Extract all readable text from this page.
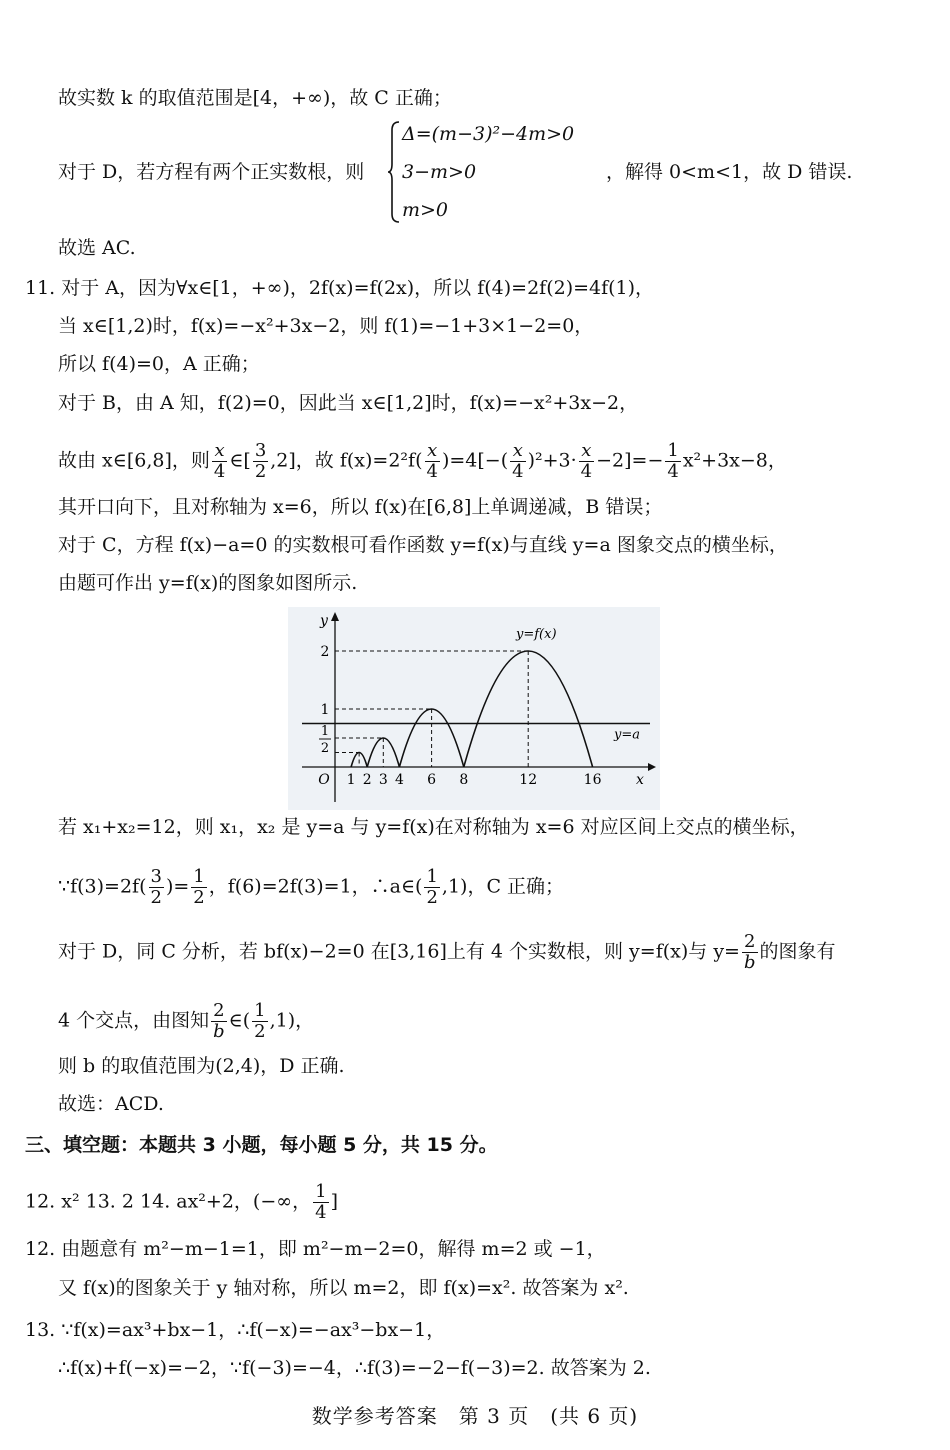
故实数 k 的取值范围是[4，+∞)，故 C 正确；
对于 D，若方程有两个正实数根，则
Δ=(m−3)²−4m>0
3−m>0
m>0
，解得 0<m<1，故 D 错误.
故选 AC.
11. 对于 A，因为∀x∈[1，+∞)，2f(x)=f(2x)，所以 f(4)=2f(2)=4f(1)，
当 x∈[1,2)时，f(x)=−x²+3x−2，则 f(1)=−1+3×1−2=0，
所以 f(4)=0，A 正确；
对于 B，由 A 知，f(2)=0，因此当 x∈[1,2]时，f(x)=−x²+3x−2，
故由 x∈[6,8]，则 $\frac{x}{4}$ ∈[ $\frac{3}{2} ,2$]，故 $f(x)=2^2f( \frac{x}{4} )=4[-( \frac{x}{4} )^2+3\cdot \frac{x}{4} -2]=- \frac{1}{4} x^2+3x-8$，
其开口向下，且对称轴为 x=6，所以 f(x)在[6,8]上单调递减，B 错误；
对于 C，方程 f(x)−a=0 的实数根可看作函数 y=f(x)与直线 y=a 图象交点的横坐标，
由题可作出 y=f(x)的图象如图所示.
1 2 3 4 6 8	12	16
1
1
2
2
O	x
y
y=f(x)
y=a
若 x₁+x₂=12，则 x₁，x₂ 是 y=a 与 y=f(x)在对称轴为 x=6 对应区间上交点的横坐标，
∵f(3)=2f( $\frac{3}{2}$ )= $\frac{1}{2}$ ，f(6)=2f(3)=1，∴a∈( $\frac{1}{2} ,1$)，C 正确；
对于 D，同 C 分析，若 bf(x)−2=0 在[3,16]上有 4 个实数根，则 y=f(x)与 $y= \frac{2}{b}$ 的图象有
4 个交点，由图知 $\frac{2}{b}$ ∈( $\frac{1}{2} ,1$)，
则 b 的取值范围为(2,4)，D 正确.
故选：ACD.
三、填空题：本题共 3 小题，每小题 5 分，共 15 分。
12. x² 13. 2 14. ax²+2，(−∞， $\frac{1}{4}$ ]
12. 由题意有 m²−m−1=1，即 m²−m−2=0，解得 m=2 或 −1，
又 f(x)的图象关于 y 轴对称，所以 m=2，即 f(x)=x². 故答案为 x².
13. ∵f(x)=ax³+bx−1，∴f(−x)=−ax³−bx−1，
∴f(x)+f(−x)=−2，∵f(−3)=−4，∴f(3)=−2−f(−3)=2. 故答案为 2.
数学参考答案　第 3 页　(共 6 页)
